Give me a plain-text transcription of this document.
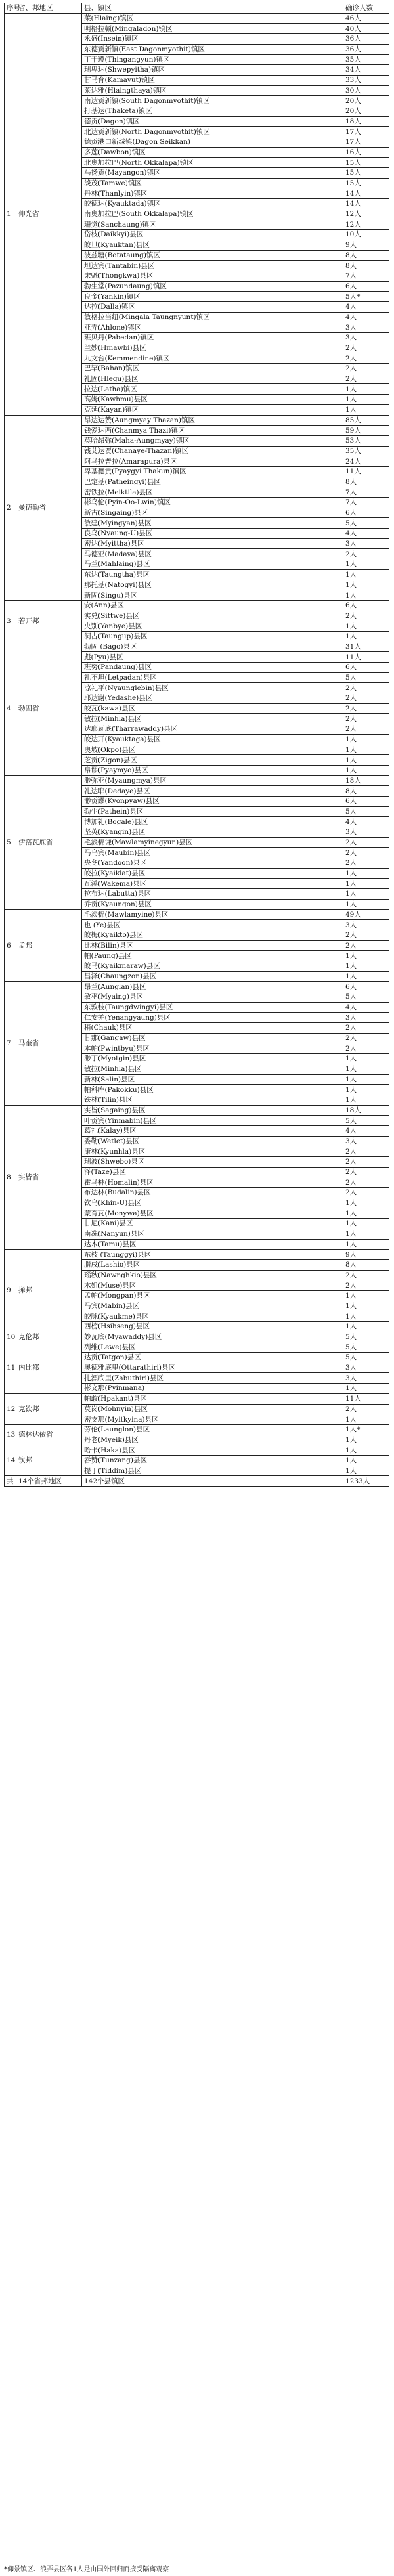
序号	省、邦地区	县、镇区	确诊人数
1	仰光省	莱(Hlaing)镇区	46人
		明格拉顿(Mingaladon)镇区	40人
		永盛(Insein)镇区	36人
		东德贡新镇(East Dagonmyothit)镇区	36人
		丁干遵(Thingangyun)镇区	35人
		瑞卑达(Shwepyitha)镇区	34人
		甘马育(Kamayut)镇区	33人
		莱达雅(Hlaingthaya)镇区	30人
		南达贡新镇(South Dagonmyothit)镇区	20人
		打基达(Thaketa)镇区	20人
		德贡(Dagon)镇区	18人
		北达贡新镇(North Dagonmyothit)镇区	17人
		德贡港口新城镇(Dagon Seikkan)	17人
		多莲(Dawbon)镇区	16人
		北奥加拉巴(North Okkalapa)镇区	15人
		马扬贡(Mayangon)镇区	15人
		淡茂(Tamwe)镇区	15人
		丹林(Thanlyin)镇区	14人
		皎德达(Kyauktada)镇区	14人
		南奥加拉巴(South Okkalapa)镇区	12人
		珊觉(Sanchaung)镇区	12人
		岱枝(Daikkyi)县区	10人
		皎旦(Kyauktan)县区	9人
		波兹塘(Botataung)镇区	8人
		坦达宾(Tantabin)县区	8人
		宋魁(Thongkwa)县区	7人
		勃生堂(Pazundaung)镇区	6人
		良金(Yankin)镇区	5人*
		达拉(Dalla)镇区	4人
		敏格拉当纽(Mingala Taungnyunt)镇区	4人
		亚弄(Ahlone)镇区	3人
		班贝丹(Pabedan)镇区	3人
		兰妙(Hmawbi)县区	2人
		九文台(Kemmendine)镇区	2人
		巴罕(Bahan)镇区	2人
		礼固(Hlegu)县区	2人
		拉达(Latha)镇区	1人
		高姆(Kawhmu)县区	1人
		克延(Kayan)镇区	1人
2	曼德勒省	昂达达赞(Aungmyay Thazan)镇区	85人
		钱爱达西(Chanmya Thazi)镇区	59人
		莫哈昂弥(Maha-Aungmyay)镇区	53人
		钱艾达贾(Chanaye-Thazan)镇区	35人
		阿马拉普拉(Amarapura)县区	24人
		卑基德贡(Pyaygyi Thakun)镇区	11人
		巴定基(Patheingyi)县区	8人
		密铁拉(Meiktila)县区	7人
		彬乌伦(Pyin-Oo-Lwin)镇区	7人
		新古(Singaing)县区	6人
		敏建(Myingyan)县区	5人
		良乌(Nyaung-U)县区	4人
		密达(Myittha)县区	3人
		马德亚(Madaya)县区	2人
		马兰(Mahlaing)县区	1人
		东达(Taungtha)县区	1人
		那托基(Natogyi)县区	1人
		新固(Singu)县区	1人
3	若开邦	安(Ann)县区	6人
		实兑(Sittwe)县区	2人
		央别(Yanbye)县区	1人
		洞古(Taungup)县区	1人
4	勃固省	勃固 (Bago)县区	31人
		彪(Pyu)县区	11人
		班努(Pandaung)县区	6人
		礼不坦(Letpadan)县区	5人
		凉礼平(Nyaunglebin)县区	2人
		耶达谢(Yedashe)县区	2人
		皎瓦(kawa)县区	2人
		敏拉(Minhla)县区	2人
		达耶瓦底(Tharrawaddy)县区	2人
		皎达开(Kyauktaga)县区	1人
		奥坡(Okpo)县区	1人
		芝贡(Zigon)县区	1人
		帛谬(Pyaymyo)县区	1人
5	伊洛瓦底省	渺弥亚(Myaungmya)县区	18人
		礼达耶(Dedaye)县区	8人
		渺贡谬(Kyonpyaw)县区	6人
		勃生(Pathein)县区	5人
		博加礼(Bogale)县区	4人
		坚英(Kyangin)县区	3人
		毛淡棉谦(Mawlamyinegyun)县区	2人
		马乌宾(Maubin)县区	2人
		央冬(Yandoon)县区	2人
		皎拉(Kyaiklat)县区	1人
		瓦溪(Wakema)县区	1人
		拉布达(Labutta)县区	1人
		乔贡(Kyaungon)县区	1人
6	孟邦	毛淡棉(Mawlamyine)县区	49人
		也 (Ye)县区	3人
		皎梅(Kyaikto)县区	2人
		比林(Bilin)县区	2人
		帕(Paung)县区	1人
		皎马(Kyaikmaraw)县区	1人
		昌泽(Chaungzon)县区	1人
7	马奎省	昂兰(Aunglan)县区	6人
		敏巫(Myaing)县区	5人
		东敦枝(Taungdwingyi)县区	4人
		仁安羌(Yenangyaung)县区	3人
		稍(Chauk)县区	2人
		甘那(Gangaw)县区	2人
		本帕(Pwintbyu)县区	2人
		渺丁(Myotgin)县区	1人
		敏拉(Minhla)县区	1人
		新林(Salin)县区	1人
		帕科库(Pakokku)县区	1人
		铁林(Tilin)县区	1人
8	实皆省	实皆(Sagaing)县区	18人
		叶贡宾(Yinmabin)县区	5人
		葛礼(Kalay)县区	4人
		委勒(Wetlet)县区	3人
		康林(Kyunhla)县区	2人
		瑞波(Shwebo)县区	2人
		泽(Taze)县区	2人
		霍马林(Homalin)县区	2人
		布达林(Budalin)县区	2人
		钦乌(Khin-U)县区	1人
		蒙育瓦(Monywa)县区	1人
		甘尼(Kani)县区	1人
		南冼(Nanyun)县区	1人
		达木(Tamu)县区	1人
9	掸邦	东枝 (Taunggyi)县区	9人
		腊戌(Lashio)县区	8人
		瑙秋(Nawnghkio)县区	2人
		木姐(Muse)县区	2人
		孟帕(Mongpan)县区	1人
		马宾(Mabin)县区	1人
		皎脉(Kyaukme)县区	1人
		西榜(Hsihseng)县区	1人
10	克伦邦	妙瓦底(Myawaddy)县区	5人
11	内比都	列维(Lewe)县区	5人
		达贡(Tatgon)县区	5人
		奥德雅底里(Ottarathiri)县区	3人
		扎漂底里(Zabuthiri)县区	3人
		彬文那(Pyinmana)	1人
12	克钦邦	帕敢(Hpakant)县区	11人
		莫岗(Mohnyin)县区	2人
		密支那(Myitkyina)县区	1人
13	德林达依省	劳伦(Launglon)县区	1人*
		丹老(Myeik)县区	1人
14	钦邦	哈卡(Haka)县区	1人
		吞赞(Tunzang)县区	1人
		提丁(Tiddim)县区	1人
共	14个省邦地区	142个县镇区	1233人
*仰景镇区、浪弄县区各1人是由国外回归而接受隔离观察
